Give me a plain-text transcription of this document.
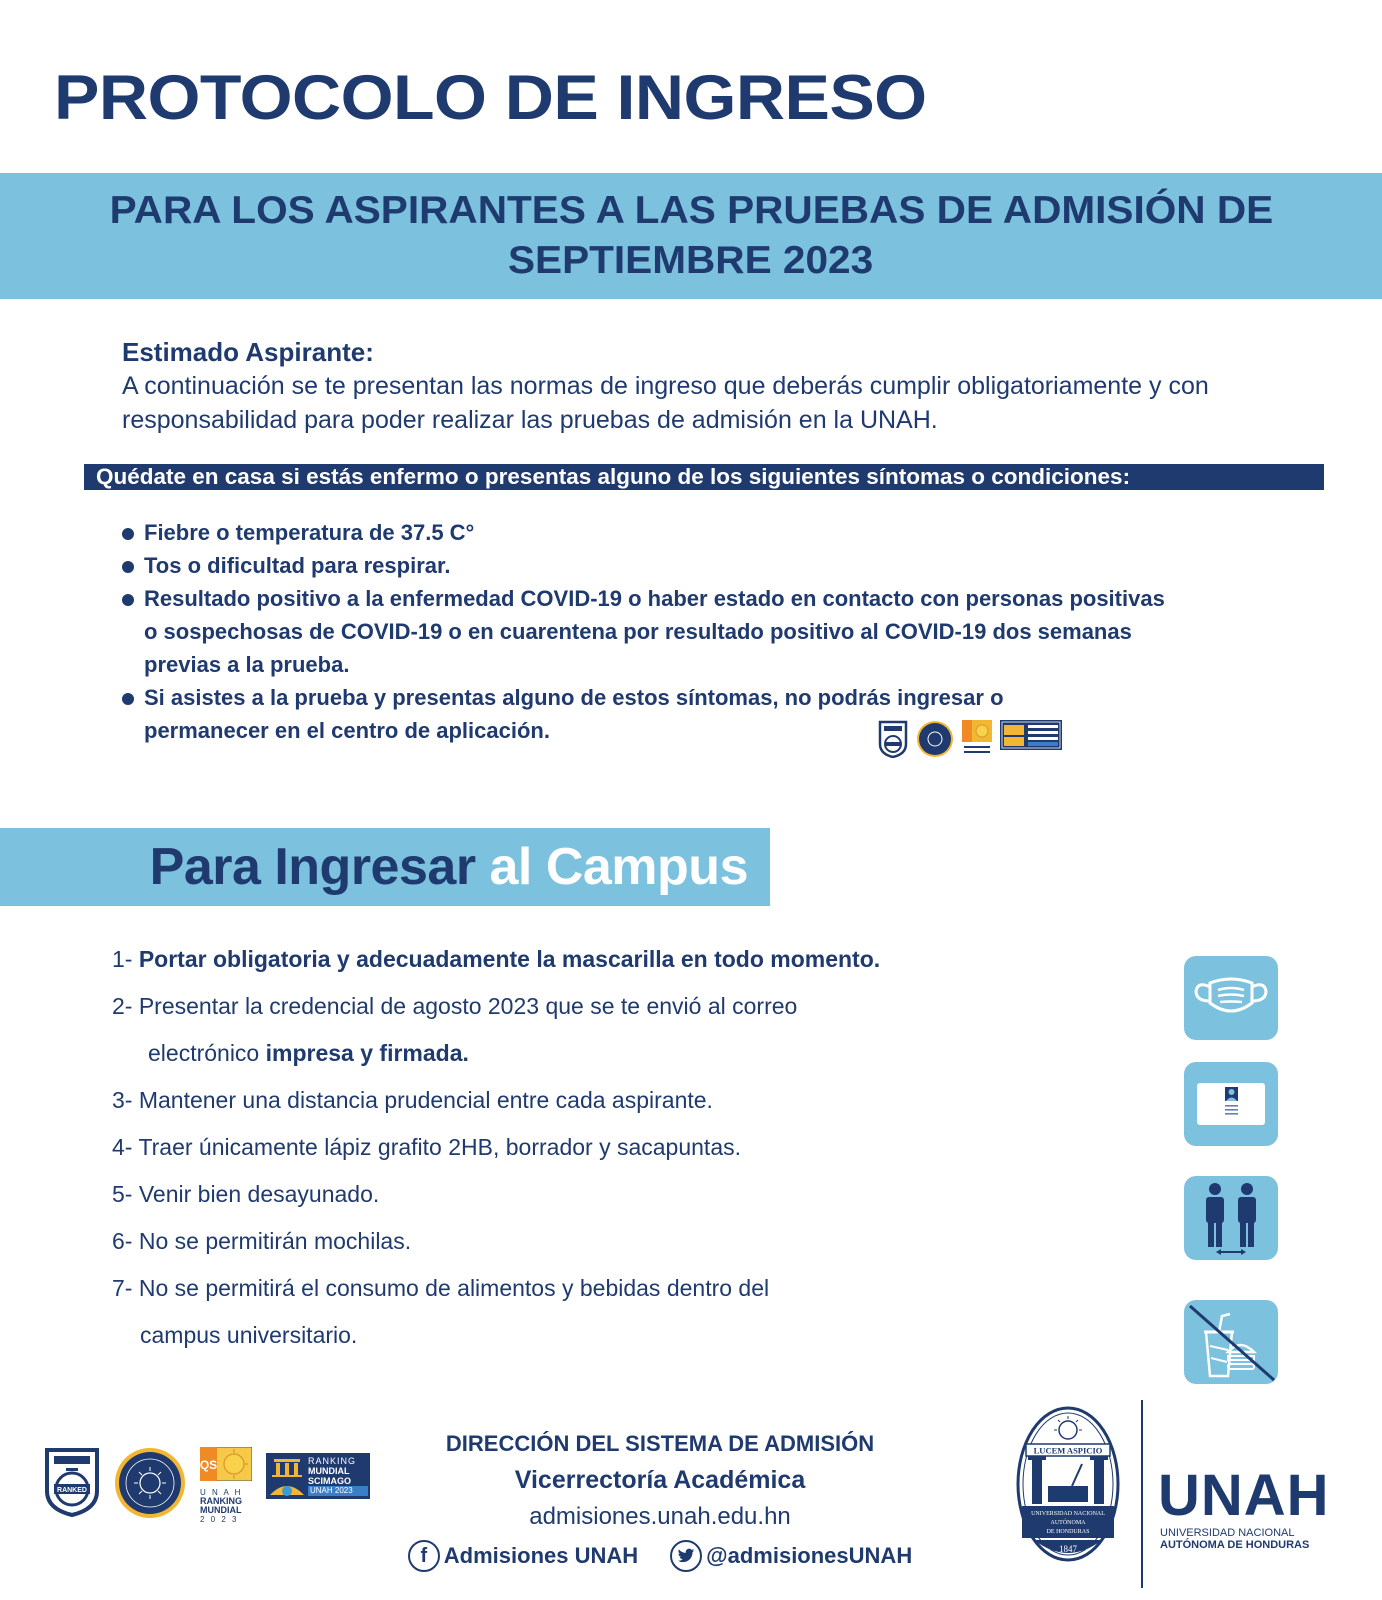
PROTOCOLO DE INGRESO
PARA LOS ASPIRANTES A LAS PRUEBAS DE ADMISIÓN DE
SEPTIEMBRE 2023
Estimado Aspirante:
A continuación se te presentan las normas de ingreso que deberás cumplir obligatoriamente y con responsabilidad para poder realizar las pruebas de admisión en la UNAH.
Quédate en casa si estás enfermo o presentas alguno de los siguientes síntomas o condiciones:
Fiebre o temperatura de 37.5 C°
Tos o dificultad para respirar.
Resultado positivo a la enfermedad COVID-19 o haber estado en contacto con personas positivas o sospechosas de COVID-19 o en cuarentena por resultado positivo al COVID-19 dos semanas previas a la prueba.
Si asistes a la prueba y presentas alguno de estos síntomas, no podrás ingresar o permanecer en el centro de aplicación.
Para Ingresar
al Campus
1- Portar obligatoria y adecuadamente la mascarilla en todo momento.
2- Presentar la credencial de agosto 2023 que se te envió al correo
electrónico impresa y firmada.
3- Mantener una distancia prudencial entre cada aspirante.
4- Traer únicamente lápiz grafito 2HB, borrador y sacapuntas.
5- Venir bien desayunado.
6- No se permitirán mochilas.
7- No se permitirá el consumo de alimentos y bebidas dentro del
campus universitario.
RANKED
QS
U N A H
RANKING
MUNDIAL
2 0 2 3
RANKING
MUNDIAL
SCIMAGO
UNAH 2023
DIRECCIÓN DEL SISTEMA DE ADMISIÓN
Vicerrectoría Académica
admisiones.unah.edu.hn
f Admisiones UNAH	@admisionesUNAH
LUCEM ASPICIO
UNIVERSIDAD NACIONAL
AUTÓNOMA
DE HONDURAS
1847
UNAH
UNIVERSIDAD NACIONAL
AUTÓNOMA DE HONDURAS
